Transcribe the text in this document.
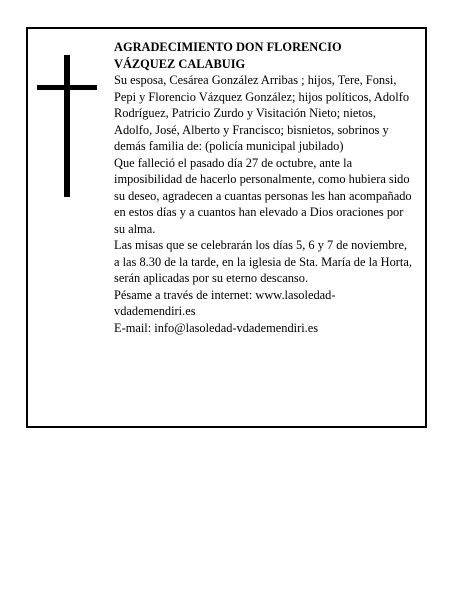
AGRADECIMIENTO DON FLORENCIO
VÁZQUEZ CALABUIG

Su esposa, Cesárea González Arribas ; hijos, Tere, Fonsi, Pepi y Florencio Vázquez González; hijos políticos, Adolfo Rodríguez, Patricio Zurdo y Visitación Nieto; nietos, Adolfo, José, Alberto y Francisco; bisnietos, sobrinos y demás familia de: (policía municipal jubilado)

Que falleció el pasado día 27 de octubre, ante la imposibilidad de hacerlo personalmente, como hubiera sido su deseo, agradecen a cuantas personas les han acompañado en estos días y a cuantos han elevado a Dios oraciones por su alma.

Las misas que se celebrarán los días 5, 6 y 7 de noviembre, a las 8.30 de la tarde, en la iglesia de Sta. María de la Horta, serán aplicadas por su eterno descanso.

Pésame a través de internet: www.lasoledad-vdademendiri.es

E-mail: info@lasoledad-vdademendiri.es
